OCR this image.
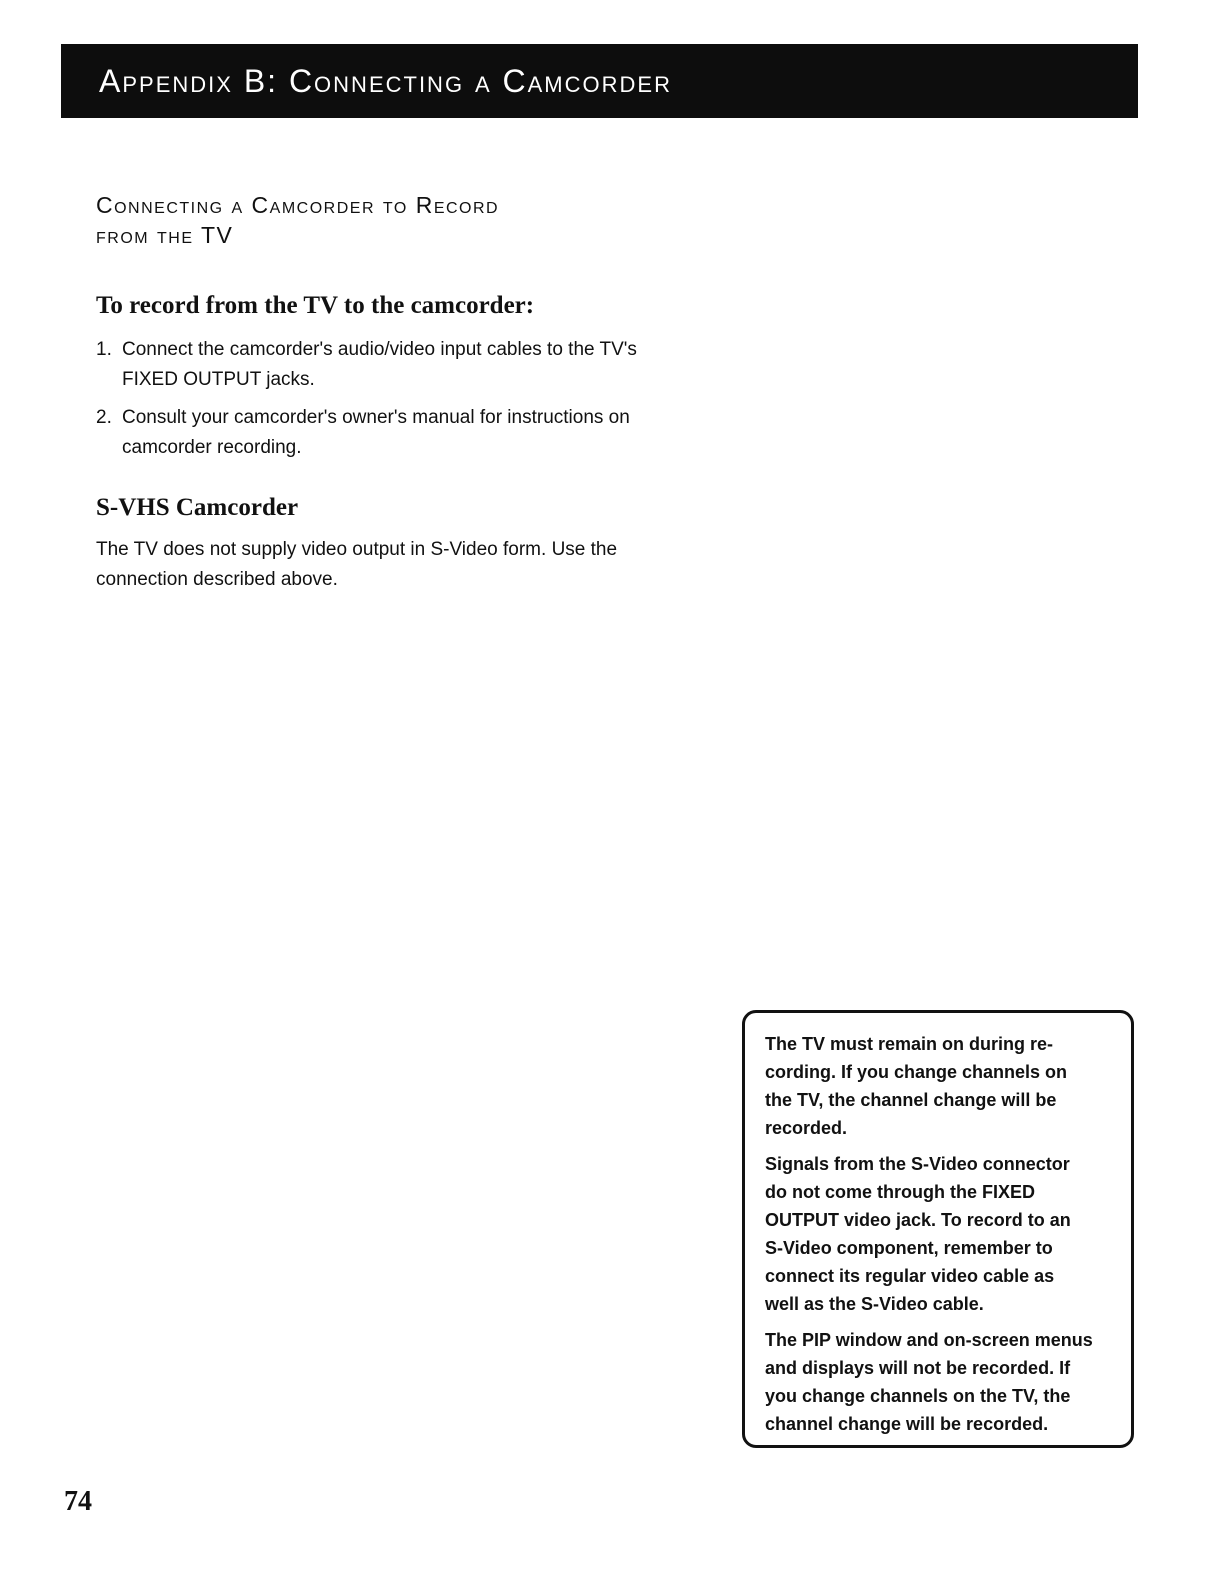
Appendix B: Connecting a Camcorder
Connecting a Camcorder to Record
from the TV
To record from the TV to the camcorder:
1. Connect the camcorder's audio/video input cables to the TV's
FIXED OUTPUT jacks.
2. Consult your camcorder's owner's manual for instructions on
camcorder recording.
S-VHS Camcorder

The TV does not supply video output in S-Video form. Use the
connection described above.

The TV must remain on during re-
cording. If you change channels on
the TV, the channel change will be
recorded.

Signals from the S-Video connector
do not come through the FIXED
OUTPUT video jack. To record to an
S-Video component, remember to
connect its regular video cable as
well as the S-Video cable.

The PIP window and on-screen menus
and displays will not be recorded. If
you change channels on the TV, the
channel change will be recorded.

74
